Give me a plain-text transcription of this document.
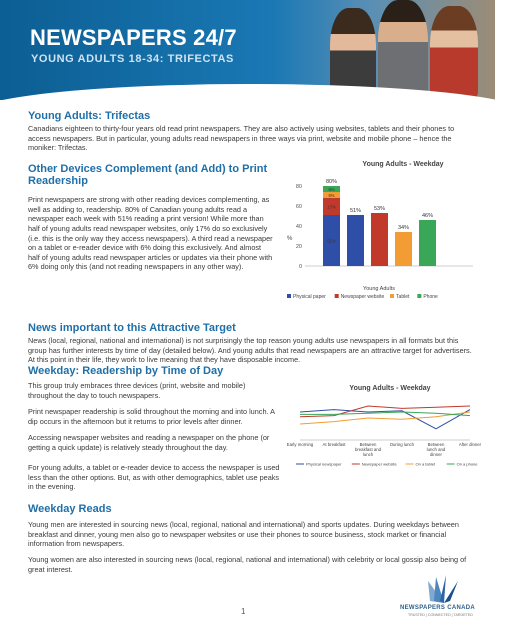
NEWSPAPERS 24/7
YOUNG ADULTS 18-34: TRIFECTAS
Young Adults: Trifectas

Canadians eighteen to thirty-four years old read print newspapers. They are also actively using websites, tablets and their phones to access newspapers. But in particular, young adults read newspapers in three ways via print, website and mobile phone – hence the moniker: Trifectas.

Other Devices Complement (and Add) to Print Readership

Print newspapers are strong with other reading devices complementing, as well as adding to, readership. 80% of Canadian young adults read a newspaper each week with 51% reading a print version! While more than half of young adults read newspaper websites, only 17% do so exclusively (i.e. this is the only way they access newspapers). A third read a newspaper on a tablet or e-reader device with 6% doing this exclusively. And almost half of young adults read newspaper articles or updates via their phone with 6% doing only this (and not reading newspapers in any other way).

Young Adults - Weekday
%
0
20
40
60
80
51%
17%
6%
6%
80%
51% 53%
34%
46%
Young Adults
Physical paper	Newspaper website Tablet	Phone
News important to this Attractive Target

News (local, regional, national and international) is not surprisingly the top reason young adults use newspapers in all formats but this group has further interests by time of day (detailed below). And young adults that read newspapers are an attractive target for advertisers. At this point in their life, they work to live meaning that they have disposable income.

Weekday: Readership by Time of Day

This group truly embraces three devices (print, website and mobile) throughout the day to touch newspapers.

Print newspaper readership is solid throughout the morning and into lunch. A dip occurs in the afternoon but it returns to prior levels after dinner.

Accessing newspaper websites and reading a newspaper on the phone (or getting a quick update) is relatively steady throughout the day.

For young adults, a tablet or e-reader device to access the newspaper is used less than the other options. But, as with other demographics, tablet use peaks in the evening.

Young Adults - Weekday
Early morning At breakfast	Between breakfast and lunch
During lunch	Between lunch and dinner
After dinner
Physical newspaper	Newspaper website	On a tablet	On a phone
Weekday Reads

Young men are interested in sourcing news (local, regional, national and international) and sports updates. During weekdays between breakfast and dinner, young men also go to newspaper websites or use their phones to source business, stock market or financial information from newspapers.

Young women are also interested in sourcing news (local, regional, national and international) with celebrity or local gossip also being of great interest.

1	NEWSPAPERS CANADA
TRUSTED | CONNECTED | TARGETED
